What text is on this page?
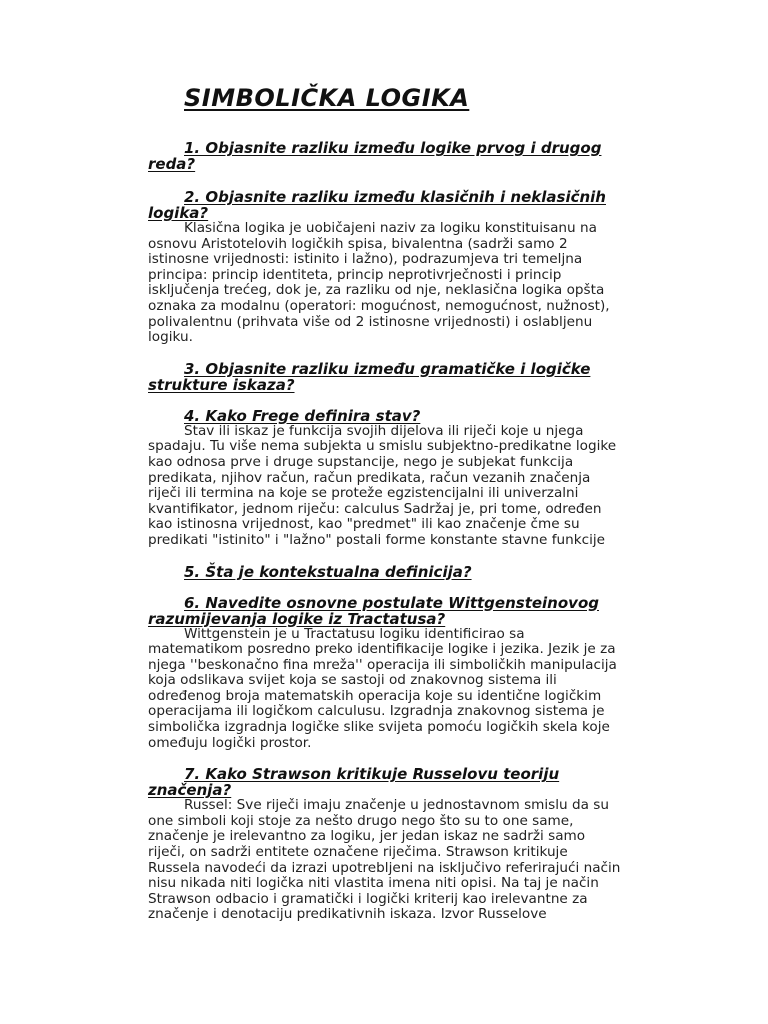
SIMBOLIČKA LOGIKA

1. Objasnite razliku između logike prvog i drugog reda?

2. Objasnite razliku između klasičnih i neklasičnih logika?

Klasična logika je uobičajeni naziv za logiku konstituisanu na osnovu Aristotelovih logičkih spisa, bivalentna (sadrži samo 2 istinosne vrijednosti: istinito i lažno), podrazumjeva tri temeljna principa: princip identiteta, princip neprotivrječnosti i princip isključenja trećeg, dok je, za razliku od nje, neklasična logika opšta oznaka za modalnu (operatori: mogućnost, nemogućnost, nužnost), polivalentnu (prihvata više od 2 istinosne vrijednosti) i oslabljenu logiku.

3. Objasnite razliku između gramatičke i logičke strukture iskaza?

4. Kako Frege definira stav?

Stav ili iskaz je funkcija svojih dijelova ili riječi koje u njega spadaju. Tu više nema subjekta u smislu subjektno-predikatne logike kao odnosa prve i druge supstancije, nego je subjekat funkcija predikata, njihov račun, račun predikata, račun vezanih značenja riječi ili termina na koje se proteže egzistencijalni ili univerzalni kvantifikator, jednom riječu: calculus Sadržaj je, pri tome, određen kao istinosna vrijednost, kao "predmet" ili kao značenje čme su predikati "istinito" i "lažno" postali forme konstante stavne funkcije

5. Šta je kontekstualna definicija?

6. Navedite osnovne postulate Wittgensteinovog razumijevanja logike iz Tractatusa?

Wittgenstein je u Tractatusu logiku identificirao sa matematikom posredno preko identifikacije logike i jezika. Jezik je za njega ''beskonačno fina mreža'' operacija ili simboličkih manipulacija koja odslikava svijet koja se sastoji od znakovnog sistema ili određenog broja matematskih operacija koje su identične logičkim operacijama ili logičkom calculusu. Izgradnja znakovnog sistema je simbolička izgradnja logičke slike svijeta pomoću logičkih skela koje omeđuju logički prostor.

7. Kako Strawson kritikuje Russelovu teoriju značenja?

Russel: Sve riječi imaju značenje u jednostavnom smislu da su one simboli koji stoje za nešto drugo nego što su to one same, značenje je irelevantno za logiku, jer jedan iskaz ne sadrži samo riječi, on sadrži entitete označene riječima. Strawson kritikuje Russela navodeći da izrazi upotrebljeni na isključivo referirajući način nisu nikada niti logička niti vlastita imena niti opisi. Na taj je način Strawson odbacio i gramatički i logički kriterij kao irelevantne za značenje i denotaciju predikativnih iskaza. Izvor Russelove
